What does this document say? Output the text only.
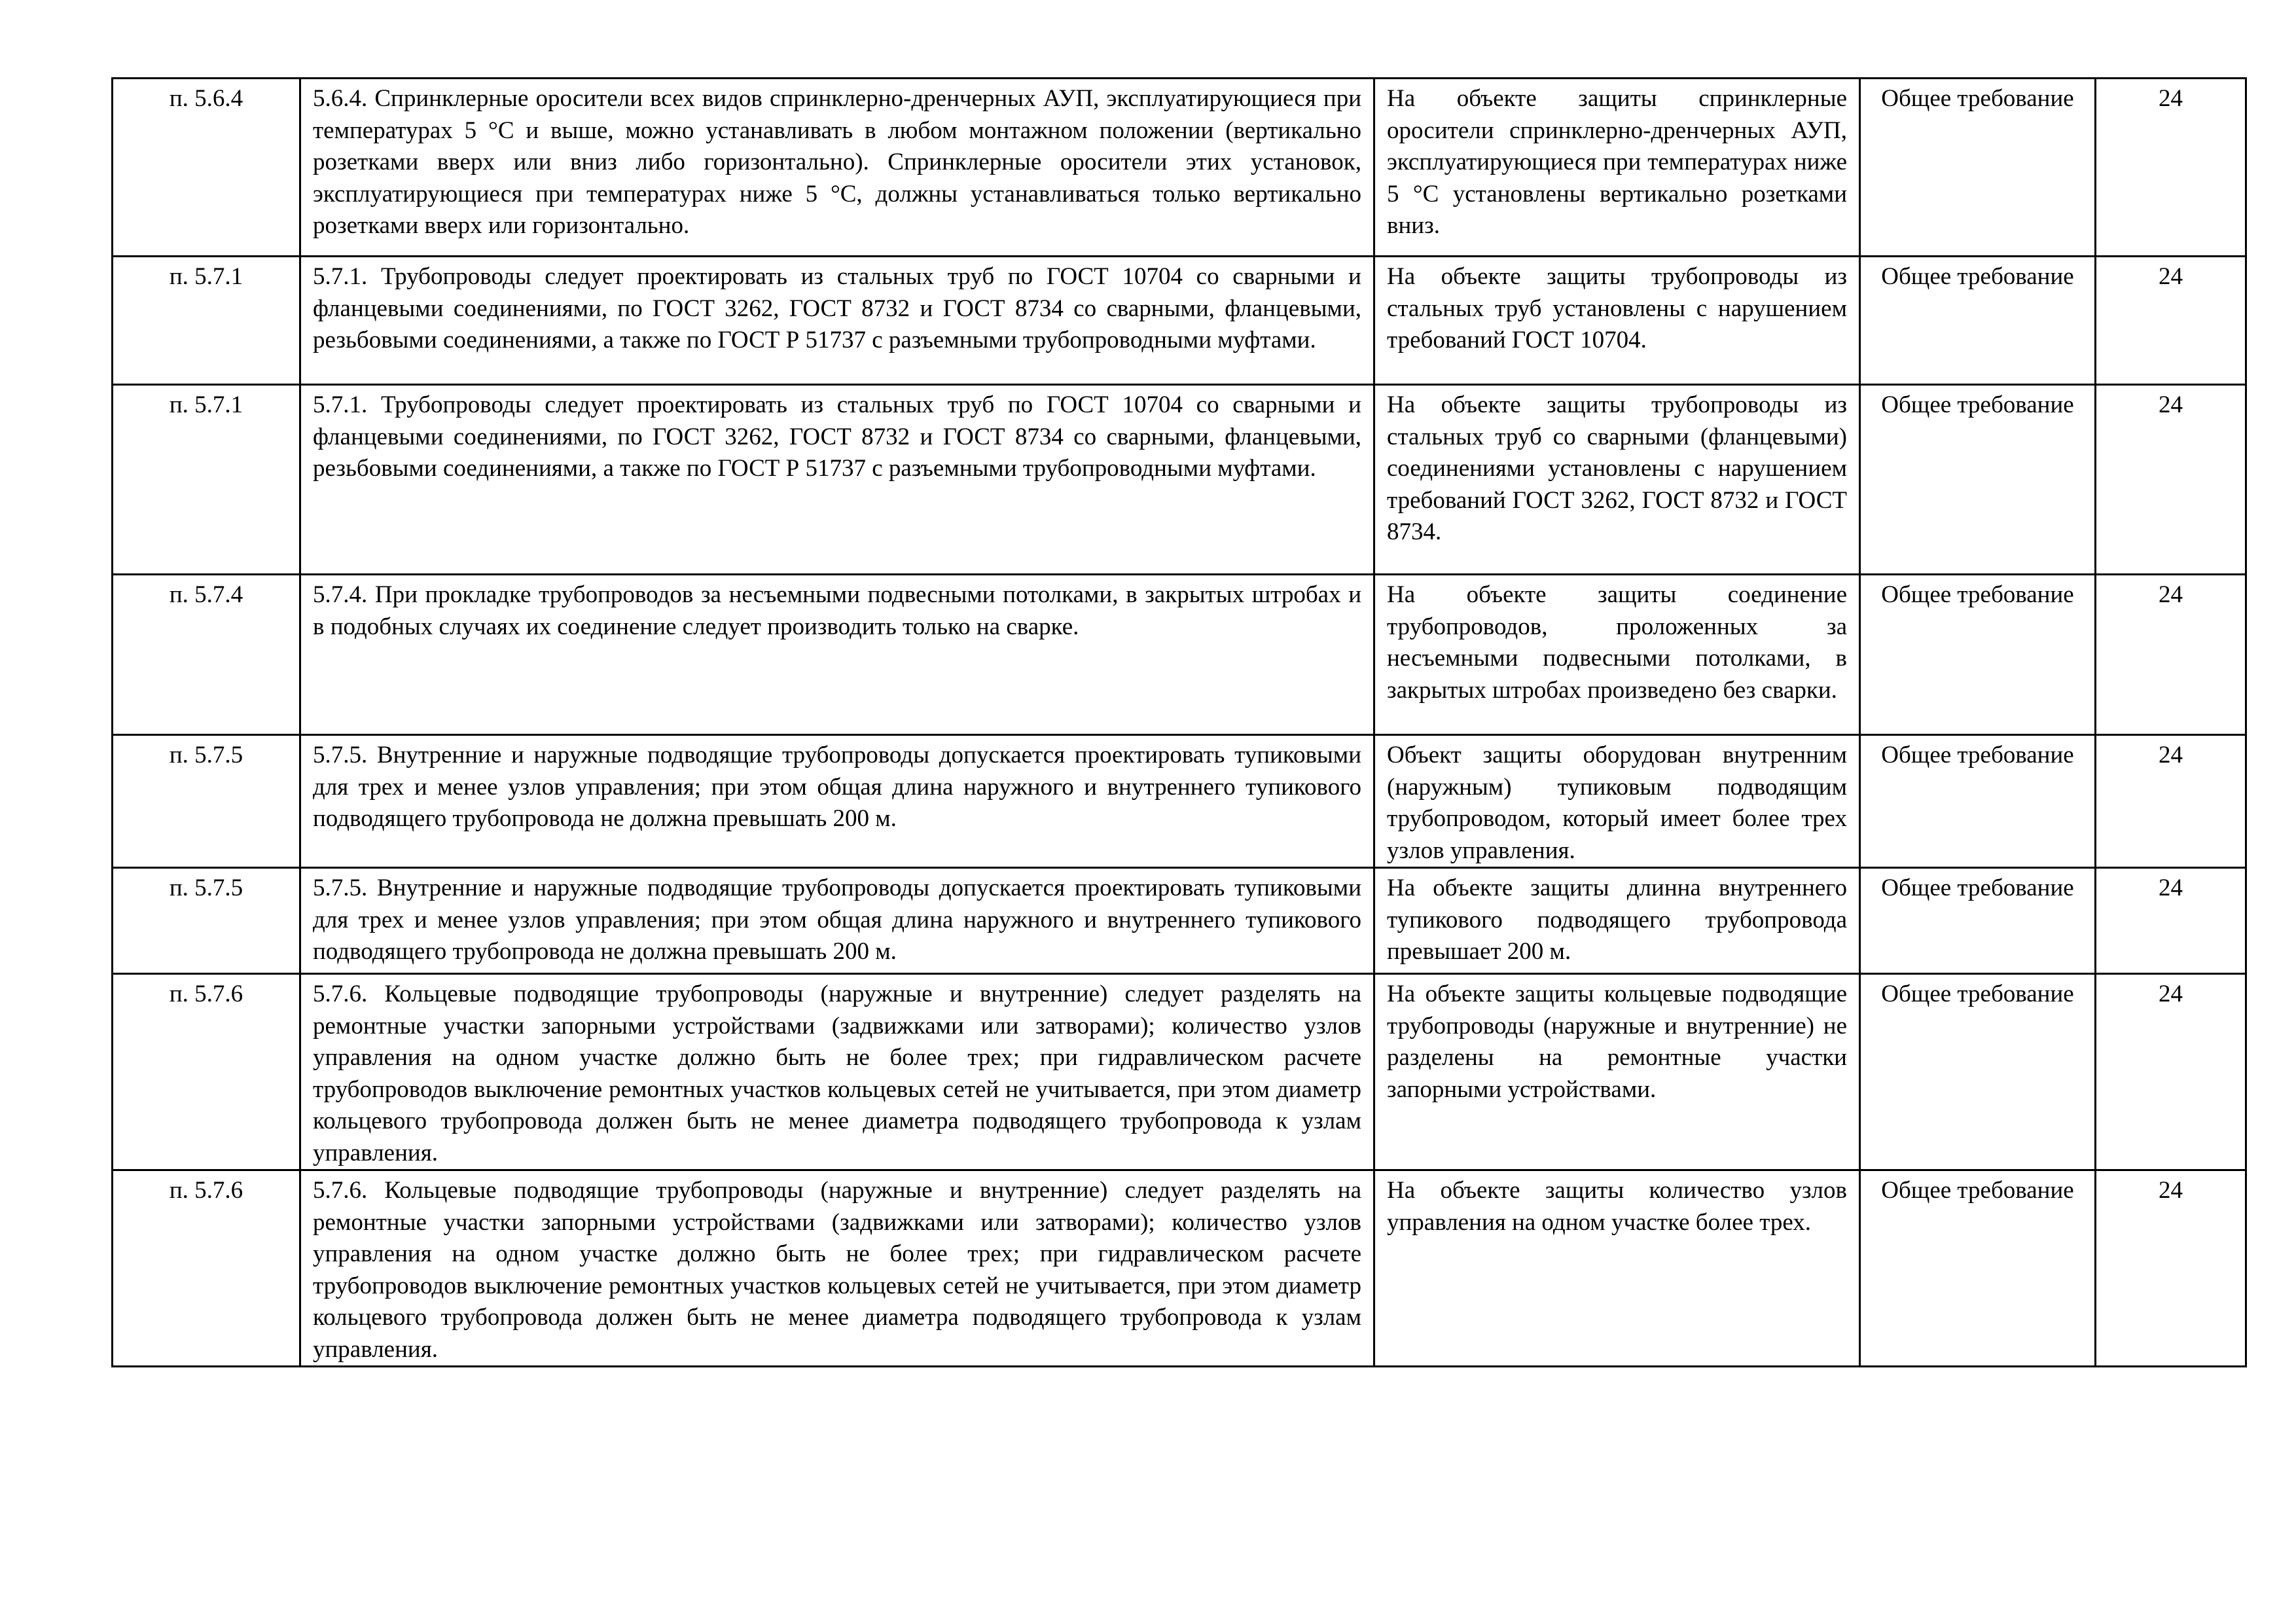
п. 5.6.4	5.6.4. Спринклерные оросители всех видов спринклерно-дренчерных АУП, эксплуатирующиеся при температурах 5 °С и выше, можно устанавливать в любом монтажном положении (вертикально розетками вверх или вниз либо горизонтально). Спринклерные оросители этих установок, эксплуатирующиеся при температурах ниже 5 °С, должны устанавливаться только вертикально розетками вверх или горизонтально.	На объекте защиты спринклерные оросители спринклерно-дренчерных АУП, эксплуатирующиеся при температурах ниже 5 °С установлены вертикально розетками вниз.	Общее требование	24
п. 5.7.1	5.7.1. Трубопроводы следует проектировать из стальных труб по ГОСТ 10704 со сварными и фланцевыми соединениями, по ГОСТ 3262, ГОСТ 8732 и ГОСТ 8734 со сварными, фланцевыми, резьбовыми соединениями, а также по ГОСТ Р 51737 с разъемными трубопроводными муфтами.	На объекте защиты трубопроводы из стальных труб установлены с нарушением требований ГОСТ 10704.	Общее требование	24
п. 5.7.1	5.7.1. Трубопроводы следует проектировать из стальных труб по ГОСТ 10704 со сварными и фланцевыми соединениями, по ГОСТ 3262, ГОСТ 8732 и ГОСТ 8734 со сварными, фланцевыми, резьбовыми соединениями, а также по ГОСТ Р 51737 с разъемными трубопроводными муфтами.	На объекте защиты трубопроводы из стальных труб со сварными (фланцевыми) соединениями установлены с нарушением требований ГОСТ 3262, ГОСТ 8732 и ГОСТ 8734.	Общее требование	24
п. 5.7.4	5.7.4. При прокладке трубопроводов за несъемными подвесными потолками, в закрытых штробах и в подобных случаях их соединение следует производить только на сварке.	На объекте защиты соединение трубопроводов, проложенных за несъемными подвесными потолками, в закрытых штробах произведено без сварки.	Общее требование	24
п. 5.7.5	5.7.5. Внутренние и наружные подводящие трубопроводы допускается проектировать тупиковыми для трех и менее узлов управления; при этом общая длина наружного и внутреннего тупикового подводящего трубопровода не должна превышать 200 м.	Объект защиты оборудован внутренним (наружным) тупиковым подводящим трубопроводом, который имеет более трех узлов управления.	Общее требование	24
п. 5.7.5	5.7.5. Внутренние и наружные подводящие трубопроводы допускается проектировать тупиковыми для трех и менее узлов управления; при этом общая длина наружного и внутреннего тупикового подводящего трубопровода не должна превышать 200 м.	На объекте защиты длинна внутреннего тупикового подводящего трубопровода превышает 200 м.	Общее требование	24
п. 5.7.6	5.7.6. Кольцевые подводящие трубопроводы (наружные и внутренние) следует разделять на ремонтные участки запорными устройствами (задвижками или затворами); количество узлов управления на одном участке должно быть не более трех; при гидравлическом расчете трубопроводов выключение ремонтных участков кольцевых сетей не учитывается, при этом диаметр кольцевого трубопровода должен быть не менее диаметра подводящего трубопровода к узлам управления.	На объекте защиты кольцевые подводящие трубопроводы (наружные и внутренние) не разделены на ремонтные участки запорными устройствами.	Общее требование	24
п. 5.7.6	5.7.6. Кольцевые подводящие трубопроводы (наружные и внутренние) следует разделять на ремонтные участки запорными устройствами (задвижками или затворами); количество узлов управления на одном участке должно быть не более трех; при гидравлическом расчете трубопроводов выключение ремонтных участков кольцевых сетей не учитывается, при этом диаметр кольцевого трубопровода должен быть не менее диаметра подводящего трубопровода к узлам управления.	На объекте защиты количество узлов управления на одном участке более трех.	Общее требование	24
